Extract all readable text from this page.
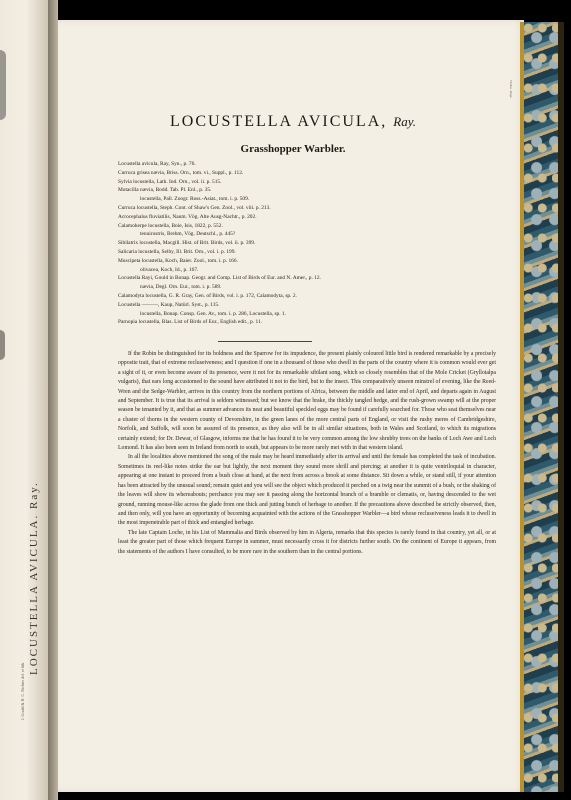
LOCUSTELLA AVICULA. Ray.
J. Gould & H. C. Richter del. et lith.
Walter, Impr.
LOCUSTELLA AVICULA, Ray.
Grasshopper Warbler.
Locustella avicula, Ray, Syn., p. 76.
Curruca grisea nævia, Briss. Orn., tom. vi., Suppl., p. 112.
Sylvia locustella, Lath. Ind. Orn., vol. ii. p. 515.
Motacilla nævia, Bodd. Tab. Pl. Enl., p. 35.
locustella, Pall. Zoogr. Ross.-Asiat., tom. i. p. 509.
Curruca locustella, Steph. Cont. of Shaw's Gen. Zool., vol. viii. p. 213.
Acrocephalus fluviatilis, Naum. Vög. Alte Ausg-Nachtr., p. 202.
Calamoherpe locustella, Boie, Isis, 1822, p. 552.
tenuirostris, Brehm, Vög. Deutschl., p. 445?
Sibilatrix locustella, Macgill. Hist. of Brit. Birds, vol. ii. p. 399.
Salicaria locustella, Selby, Ill. Brit. Orn., vol. i. p. 199.
Muscipeta locustella, Koch, Baier. Zool., tom. i. p. 166.
olivacea, Koch, Id., p. 167.
Locustella Rayi, Gould in Bonap. Geogr. and Comp. List of Birds of Eur. and N. Amer., p. 12.
nævia, Degl. Orn. Eur., tom. i. p. 589.
Calamodyta locustella, G. R. Gray, Gen. of Birds, vol. i. p. 172, Calamodyta, sp. 2.
Locustella ———, Kaup, Natürl. Syst., p. 115.
locustella, Bonap. Consp. Gen. Av., tom. i. p. 286, Locustella, sp. 1.
Parnopia locustella, Blas. List of Birds of Eur., English edit., p. 11.

If the Robin be distinguished for its boldness and the Sparrow for its impudence, the present plainly coloured little bird is rendered remarkable by a precisely opposite trait, that of extreme recluseiveness; and I question if one in a thousand of those who dwell in the parts of the country where it is common would ever get a sight of it, or even become aware of its presence, were it not for its remarkable sibilant song, which so closely resembles that of the Mole Cricket (Gryllotalpa vulgaris), that ears long accustomed to the sound have attributed it not to the bird, but to the insect. This comparatively unseen minstrel of evening, like the Reed-Wren and the Sedge-Warbler, arrives in this country from the northern portions of Africa, between the middle and latter end of April, and departs again in August and September. It is true that its arrival is seldom witnessed; but we know that the brake, the thickly tangled hedge, and the rush-grown swamp will at the proper season be tenanted by it, and that as summer advances its neat and beautiful speckled eggs may be found if carefully searched for. Those who seat themselves near a cluster of thorns in the western county of Devonshire, in the green lanes of the more central parts of England, or visit the rushy meres of Cambridgeshire, Norfolk, and Suffolk, will soon be assured of its presence, as they also will be in all similar situations, both in Wales and Scotland, to which its migrations certainly extend; for Dr. Dewar, of Glasgow, informs me that he has found it to be very common among the low shrubby trees on the banks of Loch Awe and Loch Lomond. It has also been seen in Ireland from north to south, but appears to be more rarely met with in that western island.

In all the localities above mentioned the song of the male may be heard immediately after its arrival and until the female has completed the task of incubation. Sometimes its reel-like notes strike the ear but lightly, the next moment they sound more shrill and piercing; at another it is quite ventriloquial in character, appearing at one instant to proceed from a bush close at hand, at the next from across a brook at some distance. Sit down a while, or stand still, if your attention has been attracted by the unusual sound; remain quiet and you will see the object which produced it perched on a twig near the summit of a bush, or the shaking of the leaves will show its whereabouts; perchance you may see it passing along the horizontal branch of a bramble or clematis, or, having descended to the wet ground, running mouse-like across the glade from one thick and jutting bunch of herbage to another. If the precautions above described be strictly observed, then, and then only, will you have an opportunity of becoming acquainted with the actions of the Grasshopper Warbler—a bird whose recluseiveness leads it to dwell in the most impenetrable part of thick and entangled herbage.

The late Captain Loche, in his List of Mammalia and Birds observed by him in Algeria, remarks that this species is rarely found in that country, yet all, or at least the greater part of those which frequent Europe in summer, must necessarily cross it for districts further south. On the continent of Europe it appears, from the statements of the authors I have consulted, to be more rare in the southern than in the central portions.
